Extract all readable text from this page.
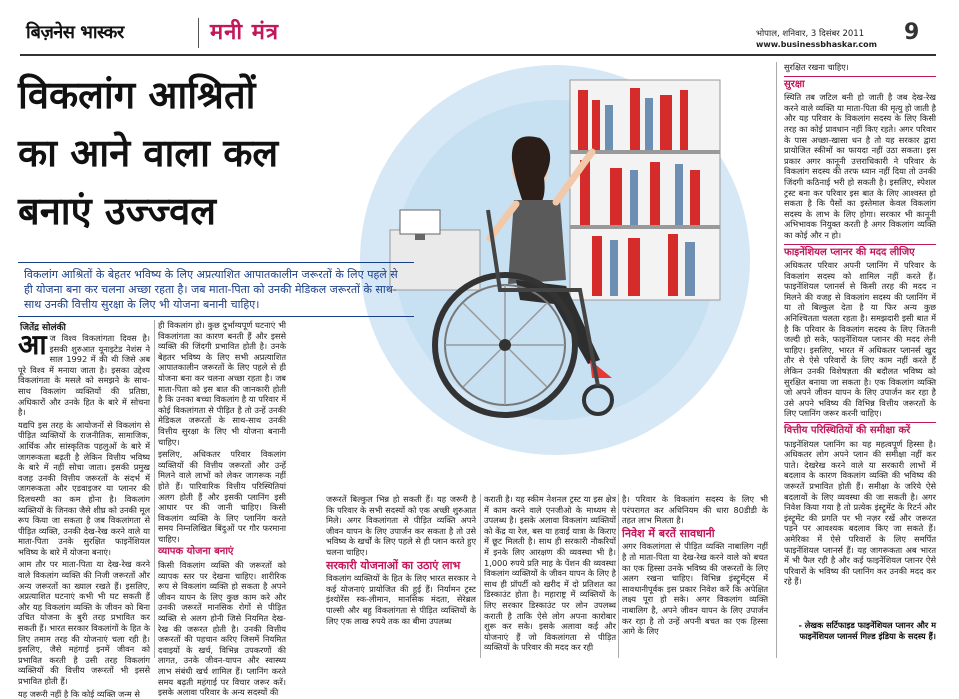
बिज़नेस भास्कर	मनी मंत्र	भोपाल, शनिवार, 3 दिसंबर 2011
www.businessbhaskar.com 9
विकलांग आश्रितों
का आने वाला कल
बनाएं उज्ज्वल
विकलांग आश्रितों के बेहतर भविष्य के लिए अप्रत्याशित आपातकालीन जरूरतों के लिए पहले से ही योजना बना कर चलना अच्छा रहता है। जब माता-पिता को उनकी मेडिकल जरूरतों के साथ-साथ उनकी वित्तीय सुरक्षा के लिए भी योजना बनानी चाहिए।
जितेंद्र सोलंकी

आज विश्व विकलांगता दिवस है। इसकी शुरुआत यूनाइटेड नेशंस ने साल 1992 में की थी जिसे अब पूरे विश्व में मनाया जाता है। इसका उद्देश्य विकलांगता के मसले को समझने के साथ-साथ विकलांग व्यक्तियों की प्रतिष्ठा, अधिकारों और उनके हित के बारे में सोचना है।

यद्यपि इस तरह के आयोजनों से विकलांग से पीड़ित व्यक्तियों के राजनीतिक, सामाजिक, आर्थिक और सांस्कृतिक पहलुओं के बारे में जागरूकता बढ़ती है लेकिन वित्तीय भविष्य के बारे में नहीं सोचा जाता। इसकी प्रमुख वजह उनकी वित्तीय जरूरतों के संदर्भ में जागरूकता और एडवाइजर या प्लानर की दिलचस्पी का कम होना है। विकलांग व्यक्तियों के जिनका जैसे शीघ्र को उनकी मूल रूप किया जा सकता है जब विकलांगता से पीड़ित व्यक्ति, उनकी देख-रेख करने वाले या माता-पिता उनके सुरक्षित फाइनेंशियल भविष्य के बारे में योजना बनाएं।

आम तौर पर माता-पिता या देख-रेख करने वाले विकलांग व्यक्ति की निजी जरूरतों और अन्य जरूरतों का ख्याल रखते हैं। इसलिए, अप्रत्याशित घटनाएं कभी भी घट सकती हैं और यह विकलांग व्यक्ति के जीवन को बिना उचित योजना के बुरी तरह प्रभावित कर सकती हैं। भारत सरकार विकलांगों के हित के लिए तमाम तरह की योजनाएं चला रही है। इसलिए, जैसे महंगाई इनमें जीवन को प्रभावित करती है उसी तरह विकलांग व्यक्तियों की वित्तीय जरूरतों भी इससे प्रभावित होती हैं।

यह जरूरी नहीं है कि कोई व्यक्ति जन्म से

ही विकलांग हो। कुछ दुर्भाग्यपूर्ण घटनाएं भी विकलांगता का कारण बनती हैं और इससे व्यक्ति की जिंदगी प्रभावित होती है। उनके बेहतर भविष्य के लिए सभी अप्रत्याशित आपातकालीन जरूरतों के लिए पहले से ही योजना बना कर चलना अच्छा रहता है। जब माता-पिता को इस बात की जानकारी होती है कि उनका बच्चा विकलांग है या परिवार में कोई विकलांगता से पीड़ित है तो उन्हें उनकी मेडिकल जरूरतों के साथ-साथ उनकी वित्तीय सुरक्षा के लिए भी योजना बनानी चाहिए।

इसलिए, अधिकतर परिवार विकलांग व्यक्तियों की वित्तीय जरूरतों और उन्हें मिलने वाले लाभों को लेकर जागरूक नहीं होते हैं। पारिवारिक वित्तीय परिस्थितियां अलग होती हैं और इसकी प्लानिंग इसी आधार पर की जानी चाहिए। किसी विकलांग व्यक्ति के लिए प्लानिंग करते समय निम्नलिखित बिंदुओं पर गौर फरमाना चाहिए।

व्यापक योजना बनाएं

किसी विकलांग व्यक्ति की जरूरतों को व्यापक स्तर पर देखना चाहिए। शारीरिक रूप से विकलांग व्यक्ति हो सकता है अपने जीवन यापन के लिए कुछ काम करे और उनकी जरूरतें मानसिक रोगों से पीड़ित व्यक्ति से अलग होनी जिसे नियमित देख-रेख की जरूरत होती है। उनकी वित्तीय जरूरतों की पहचान करिए जिसमें नियमित दवाइयों के खर्च, विभिन्न उपकरणों की लागत, उनके जीवन-यापन और स्वास्थ्य लाभ संबंधी खर्च शामिल हैं। प्लानिंग करते समय बढ़ती महंगाई पर विचार जरूर करें। इसके अलावा परिवार के अन्य सदस्यों की

जरूरतें बिल्कुल भिन्न हो सकती हैं। यह जरूरी है कि परिवार के सभी सदस्यों को एक अच्छी शुरुआत मिले। अगर विकलांगता से पीड़ित व्यक्ति अपने जीवन यापन के लिए उपार्जन कर सकता है तो उसे भविष्य के खर्चों के लिए पहले से ही प्लान करते हुए चलना चाहिए।

सरकारी योजनाओं का उठाएं लाभ

विकलांग व्यक्तियों के हित के लिए भारत सरकार ने कई योजनाएं प्रायोजित की हुई हैं। निर्यामन ट्रस्ट इंश्योरेंस स्क-लीमान, मानसिक मंदता, सेरेब्रल पाल्सी और बहु विकलांगता से पीड़ित व्यक्तियों के लिए एक लाख रुपये तक का बीमा उपलब्ध

कराती है। यह स्कीम नेशनल ट्रस्ट या इस क्षेत्र में काम करने वाले एनजीओ के माध्यम से उपलब्ध है। इसके अलावा विकलांग व्यक्तियों को केंद्र या रेल, बस या हवाई यात्रा के किराए में छूट मिलती है। साथ ही सरकारी नौकरियों में इनके लिए आरक्षण की व्यवस्था भी है। 1,000 रुपये प्रति माह के पेंशन की व्यवस्था विकलांग व्यक्तियों के जीवन यापन के लिए है साथ ही प्रॉपर्टी को खरीद में दो प्रतिशत का डिस्काउंट होता है। महाराष्ट्र में व्यक्तियों के लिए सरकार डिस्काउंट पर लोन उपलब्ध कराती है ताकि ऐसे लोग अपना कारोबार शुरू कर सके। इसके अलावा कई और योजनाएं हैं जो विकलांगता से पीड़ित व्यक्तियों के परिवार की मदद कर रही

है। परिवार के विकलांग सदस्य के लिए भी परंपरागत कर अधिनियम की धारा 80डीडी के तहत लाभ मिलता है।

निवेश में बरतें सावधानी

अगर विकलांगता से पीड़ित व्यक्ति नाबालिग नहीं है तो माता-पिता या देख-रेख करने वाले को बचत का एक हिस्सा उनके भविष्य की जरूरतों के लिए अलग रखना चाहिए। विभिन्न इंस्ट्रूमेंट्स में सावधानीपूर्वक इस प्रकार निवेश करें कि अपेक्षित लक्ष्य पूरा हो सके। अगर विकलांग व्यक्ति नाबालिग है, अपने जीवन यापन के लिए उपार्जन कर रहा है तो उन्हें अपनी बचत का एक हिस्सा आगे के लिए

सुरक्षित रखना चाहिए।

सुरक्षा

स्थिति तब जटिल बनी हो जाती है जब देख-रेख करने वाले व्यक्ति या माता-पिता की मृत्यु हो जाती है और यह परिवार के विकलांग सदस्य के लिए किसी तरह का कोई प्रावधान नहीं किए रहते। अगर परिवार के पास अच्छा-खासा धन है तो यह सरकार द्वारा प्रायोजित स्कीमों का फायदा नहीं उठा सकता। इस प्रकार अगर कानूनी उत्तराधिकारी ने परिवार के विकलांग सदस्य की तरफ ध्यान नहीं दिया तो उनकी जिंदगी कठिनाई भरी हो सकती है। इसलिए, स्पेशल ट्रस्ट बना कर परिवार इस बात के लिए आश्वस्त हो सकता है कि पैसों का इस्तेमाल केवल विकलांग सदस्य के लाभ के लिए होगा। सरकार भी कानूनी अभिभावक नियुक्त करती है अगर विकलांग व्यक्ति का कोई और न हो।

फाइनेंशियल प्लानर की मदद लीजिए

अधिकतर परिवार अपनी प्लानिंग में परिवार के विकलांग सदस्य को शामिल नहीं करते हैं। फाइनेंशियल प्लानर्स से किसी तरह की मदद न मिलने की वजह से विकलांग सदस्य की प्लानिंग में या तो बिल्कुल देता है या फिर अन्य कुछ अनिश्चितता चलता रहता है। समझदारी इसी बात में है कि परिवार के विकलांग सदस्य के लिए जितनी जल्दी हो सके, फाइनेंशियल प्लानर की मदद लेनी चाहिए। इसलिए, भारत में अधिकतर प्लानर्स खुद तौर से ऐसे परिवारों के लिए काम नहीं करते हैं लेकिन उनकी विशेषज्ञता की बदौलत भविष्य को सुरक्षित बनाया जा सकता है। एक विकलांग व्यक्ति जो अपने जीवन यापन के लिए उपार्जन कर रहा है उसे अपने भविष्य की विभिन्न वित्तीय जरूरतों के लिए प्लानिंग जरूर करनी चाहिए।

वित्तीय परिस्थितियों की समीक्षा करें

फाइनेंशियल प्लानिंग का यह महत्वपूर्ण हिस्सा है। अधिकतर लोग अपने प्लान की समीक्षा नहीं कर पाते। देखरेख करने वाले या सरकारी लाभों में बदलाव के कारण विकलांग व्यक्ति की भविष्य की जरूरतें प्रभावित होती हैं। समीक्षा के जरिये ऐसे बदलावों के लिए व्यवस्था की जा सकती है। अगर निवेश किया गया है तो प्रत्येक इंस्ट्रूमेंट के रिटर्न और इंस्ट्रूमेंट की प्रगति पर भी नज़र रखें और जरूरत पड़ने पर आवश्यक बदलाव किए जा सकते हैं। अमेरिका में ऐसे परिवारों के लिए समर्पित फाइनेंशियल प्लानर्स हैं। यह जागरूकता अब भारत में भी फैल रही है और कई फाइनेंशियल प्लानर ऐसे परिवारों के भविष्य की प्लानिंग कर उनकी मदद कर रहे हैं।

- लेखक सर्टिफाइड फाइनेंशियल प्लानर और म फाइनेंशियल प्लानर्स गिल्ड इंडिया के सदस्य हैं।
